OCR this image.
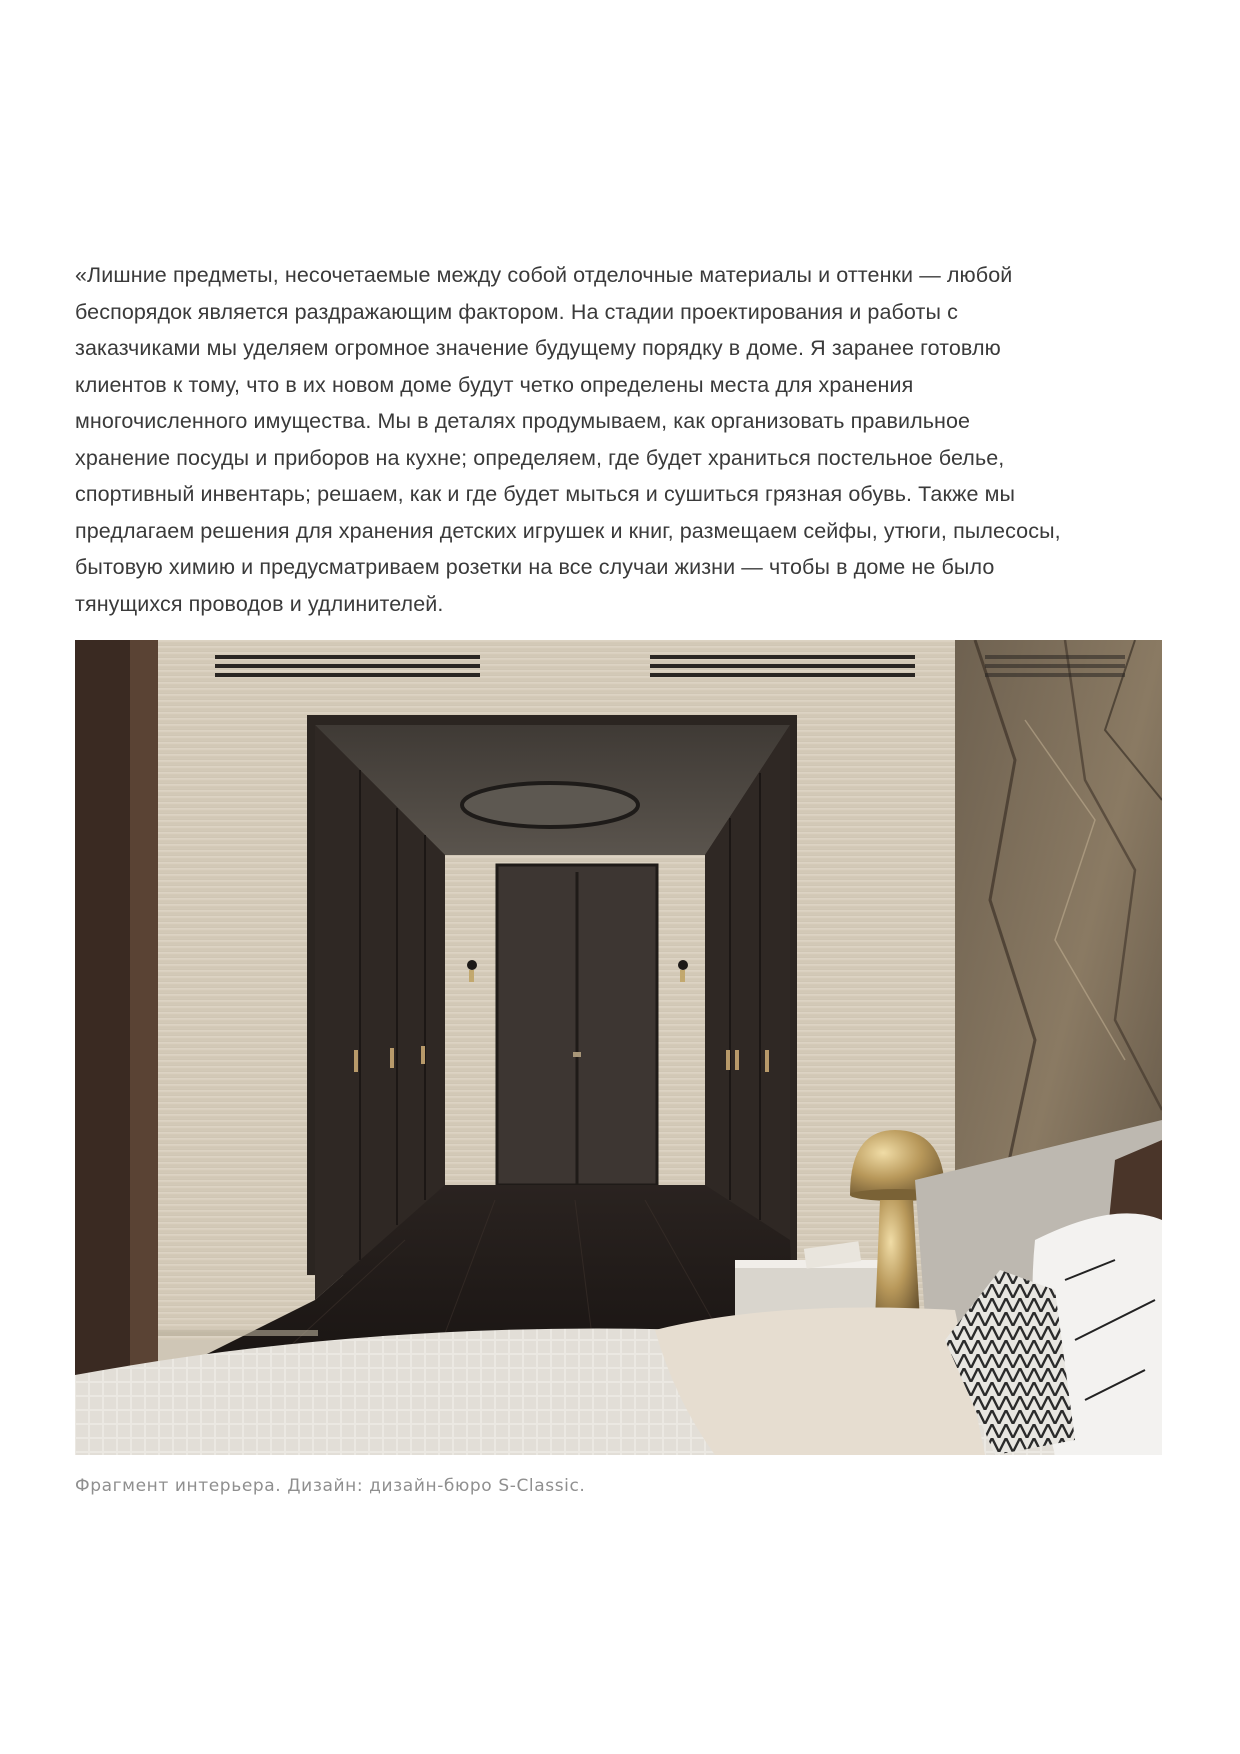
«Лишние предметы, несочетаемые между собой отделочные материалы и оттенки — любой
беспорядок является раздражающим фактором. На стадии проектирования и работы с
заказчиками мы уделяем огромное значение будущему порядку в доме. Я заранее готовлю
клиентов к тому, что в их новом доме будут четко определены места для хранения
многочисленного имущества. Мы в деталях продумываем, как организовать правильное
хранение посуды и приборов на кухне; определяем, где будет храниться постельное белье,
спортивный инвентарь; решаем, как и где будет мыться и сушиться грязная обувь. Также мы
предлагаем решения для хранения детских игрушек и книг, размещаем сейфы, утюги, пылесосы,
бытовую химию и предусматриваем розетки на все случаи жизни — чтобы в доме не было
тянущихся проводов и удлинителей.

Фрагмент интерьера. Дизайн: дизайн-бюро S-Classic.
